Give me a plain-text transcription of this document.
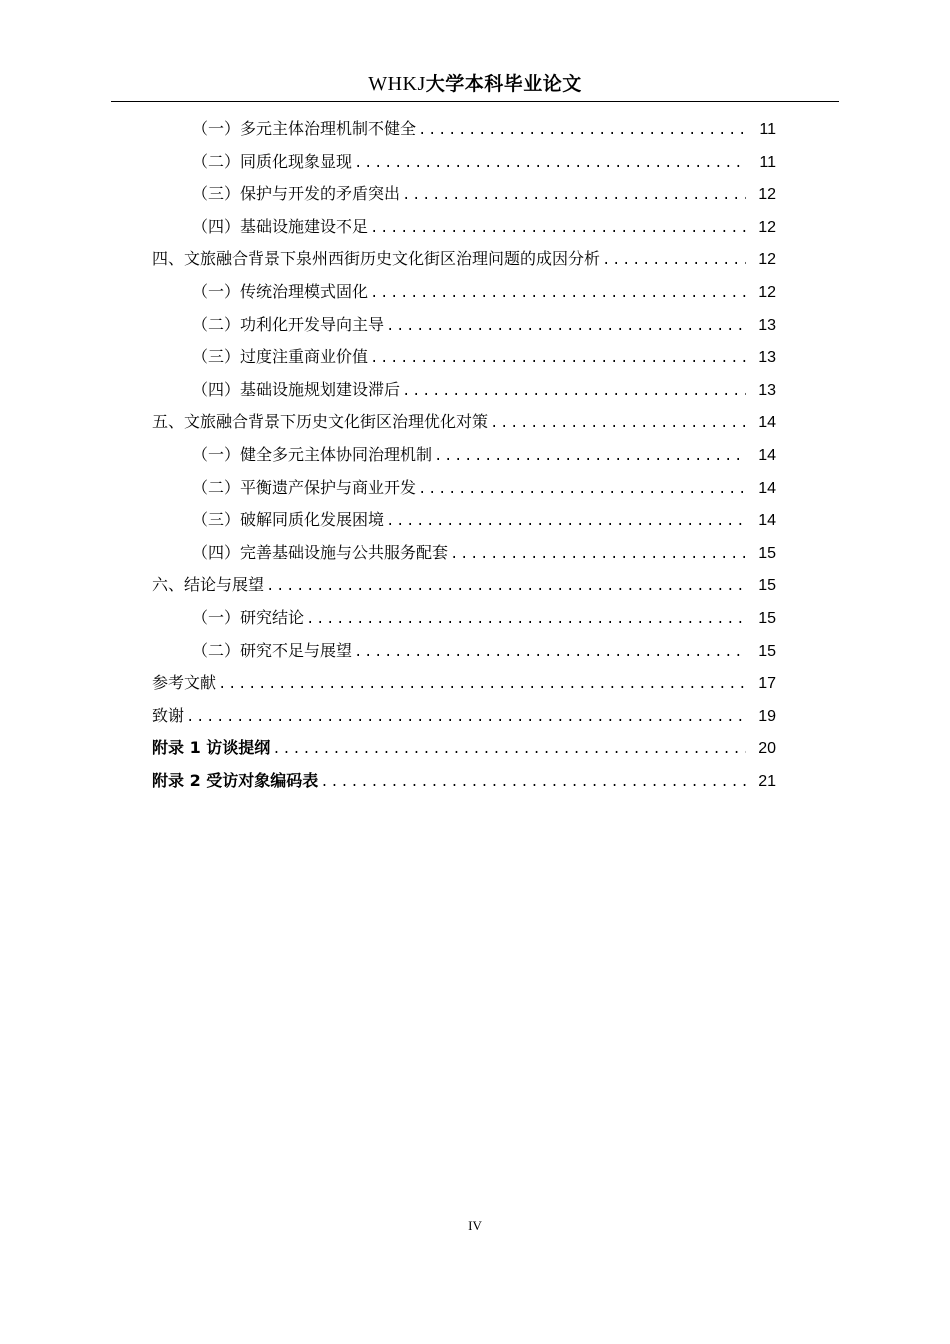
WHKJ大学本科毕业论文
（一）多元主体治理机制不健全 .....	11
（二）同质化现象显现 .....	11
（三）保护与开发的矛盾突出 .....	12
（四）基础设施建设不足 .....	12
四、文旅融合背景下泉州西街历史文化街区治理问题的成因分析 .....	12
（一）传统治理模式固化 .....	12
（二）功利化开发导向主导 .....	13
（三）过度注重商业价值 .....	13
（四）基础设施规划建设滞后 .....	13
五、文旅融合背景下历史文化街区治理优化对策 .....	14
（一）健全多元主体协同治理机制 .....	14
（二）平衡遗产保护与商业开发 .....	14
（三）破解同质化发展困境 .....	14
（四）完善基础设施与公共服务配套 .....	15
六、结论与展望 .....	15
（一）研究结论 .....	15
（二）研究不足与展望 .....	15
参考文献 .....	17
致谢 .....	19
附录 1 访谈提纲 .....	20
附录 2 受访对象编码表 .....	21
IV
